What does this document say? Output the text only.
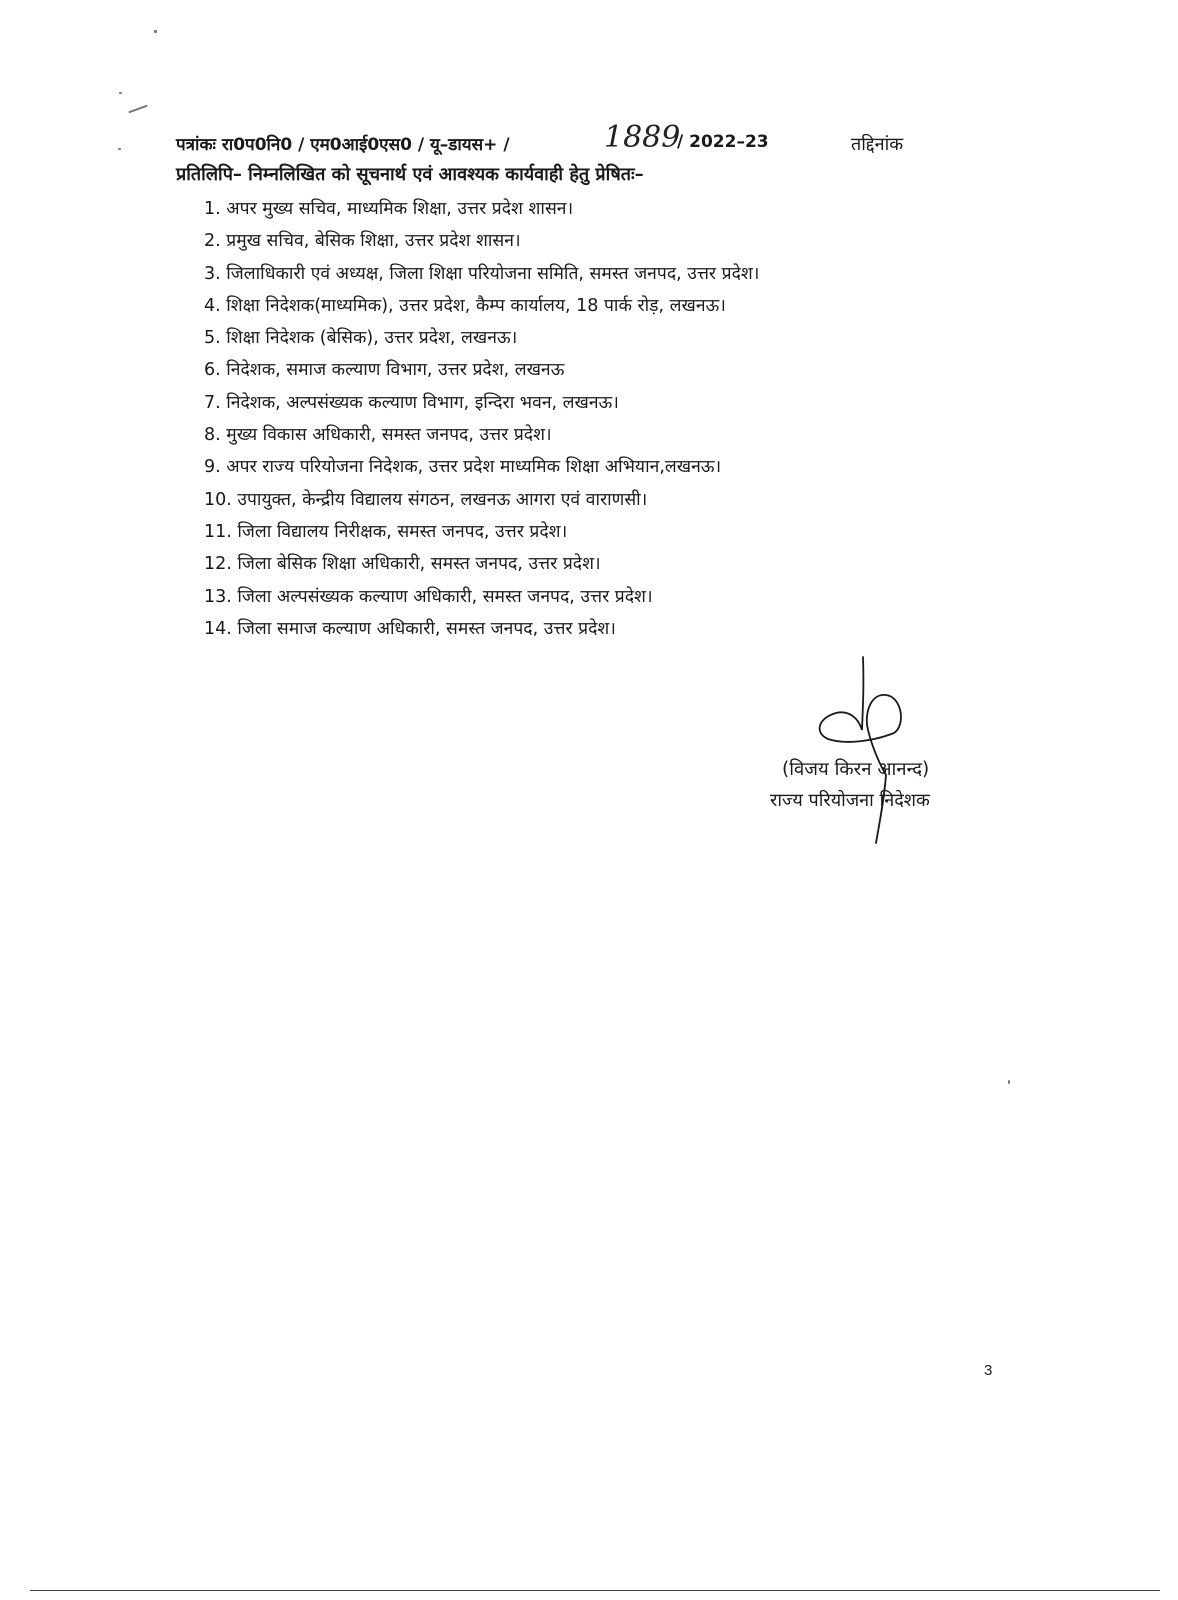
पत्रांकः रा0प0नि0 / एम0आई0एस0 / यू–डायस+ /	1889
/ 2022–23	तद्दिनांक
प्रतिलिपि– निम्नलिखित को सूचनार्थ एवं आवश्यक कार्यवाही हेतु प्रेषितः–
1. अपर मुख्य सचिव, माध्यमिक शिक्षा, उत्तर प्रदेश शासन।
2. प्रमुख सचिव, बेसिक शिक्षा, उत्तर प्रदेश शासन।
3. जिलाधिकारी एवं अध्यक्ष, जिला शिक्षा परियोजना समिति, समस्त जनपद, उत्तर प्रदेश।
4. शिक्षा निदेशक(माध्यमिक), उत्तर प्रदेश, कैम्प कार्यालय, 18 पार्क रोड़, लखनऊ।
5. शिक्षा निदेशक (बेसिक), उत्तर प्रदेश, लखनऊ।
6. निदेशक, समाज कल्याण विभाग, उत्तर प्रदेश, लखनऊ
7. निदेशक, अल्पसंख्यक कल्याण विभाग, इन्दिरा भवन, लखनऊ।
8. मुख्य विकास अधिकारी, समस्त जनपद, उत्तर प्रदेश।
9. अपर राज्य परियोजना निदेशक, उत्तर प्रदेश माध्यमिक शिक्षा अभियान,लखनऊ।
10. उपायुक्त, केन्द्रीय विद्यालय संगठन, लखनऊ आगरा एवं वाराणसी।
11. जिला विद्यालय निरीक्षक, समस्त जनपद, उत्तर प्रदेश।
12. जिला बेसिक शिक्षा अधिकारी, समस्त जनपद, उत्तर प्रदेश।
13. जिला अल्पसंख्यक कल्याण अधिकारी, समस्त जनपद, उत्तर प्रदेश।
14. जिला समाज कल्याण अधिकारी, समस्त जनपद, उत्तर प्रदेश।
(विजय किरन आनन्द)
राज्य परियोजना निदेशक
3
